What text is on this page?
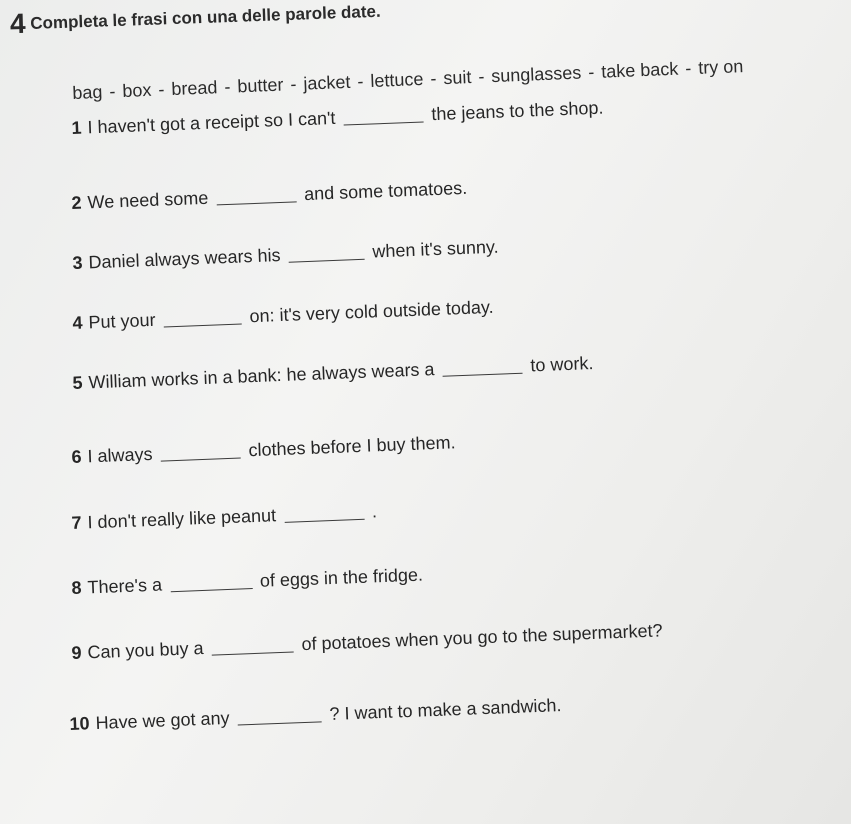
4 Completa le frasi con una delle parole date.
bag - box - bread - butter - jacket - lettuce - suit - sunglasses - take back - try on
1 I haven't got a receipt so I can't	the jeans to the shop.
2 We need some	and some tomatoes.
3 Daniel always wears his	when it's sunny.
4 Put your	on: it's very cold outside today.
5 William works in a bank: he always wears a	to work.
6 I always	clothes before I buy them.
7 I don't really like peanut	.
8 There's a	of eggs in the fridge.
9 Can you buy a	of potatoes when you go to the supermarket?
10 Have we got any	? I want to make a sandwich.
